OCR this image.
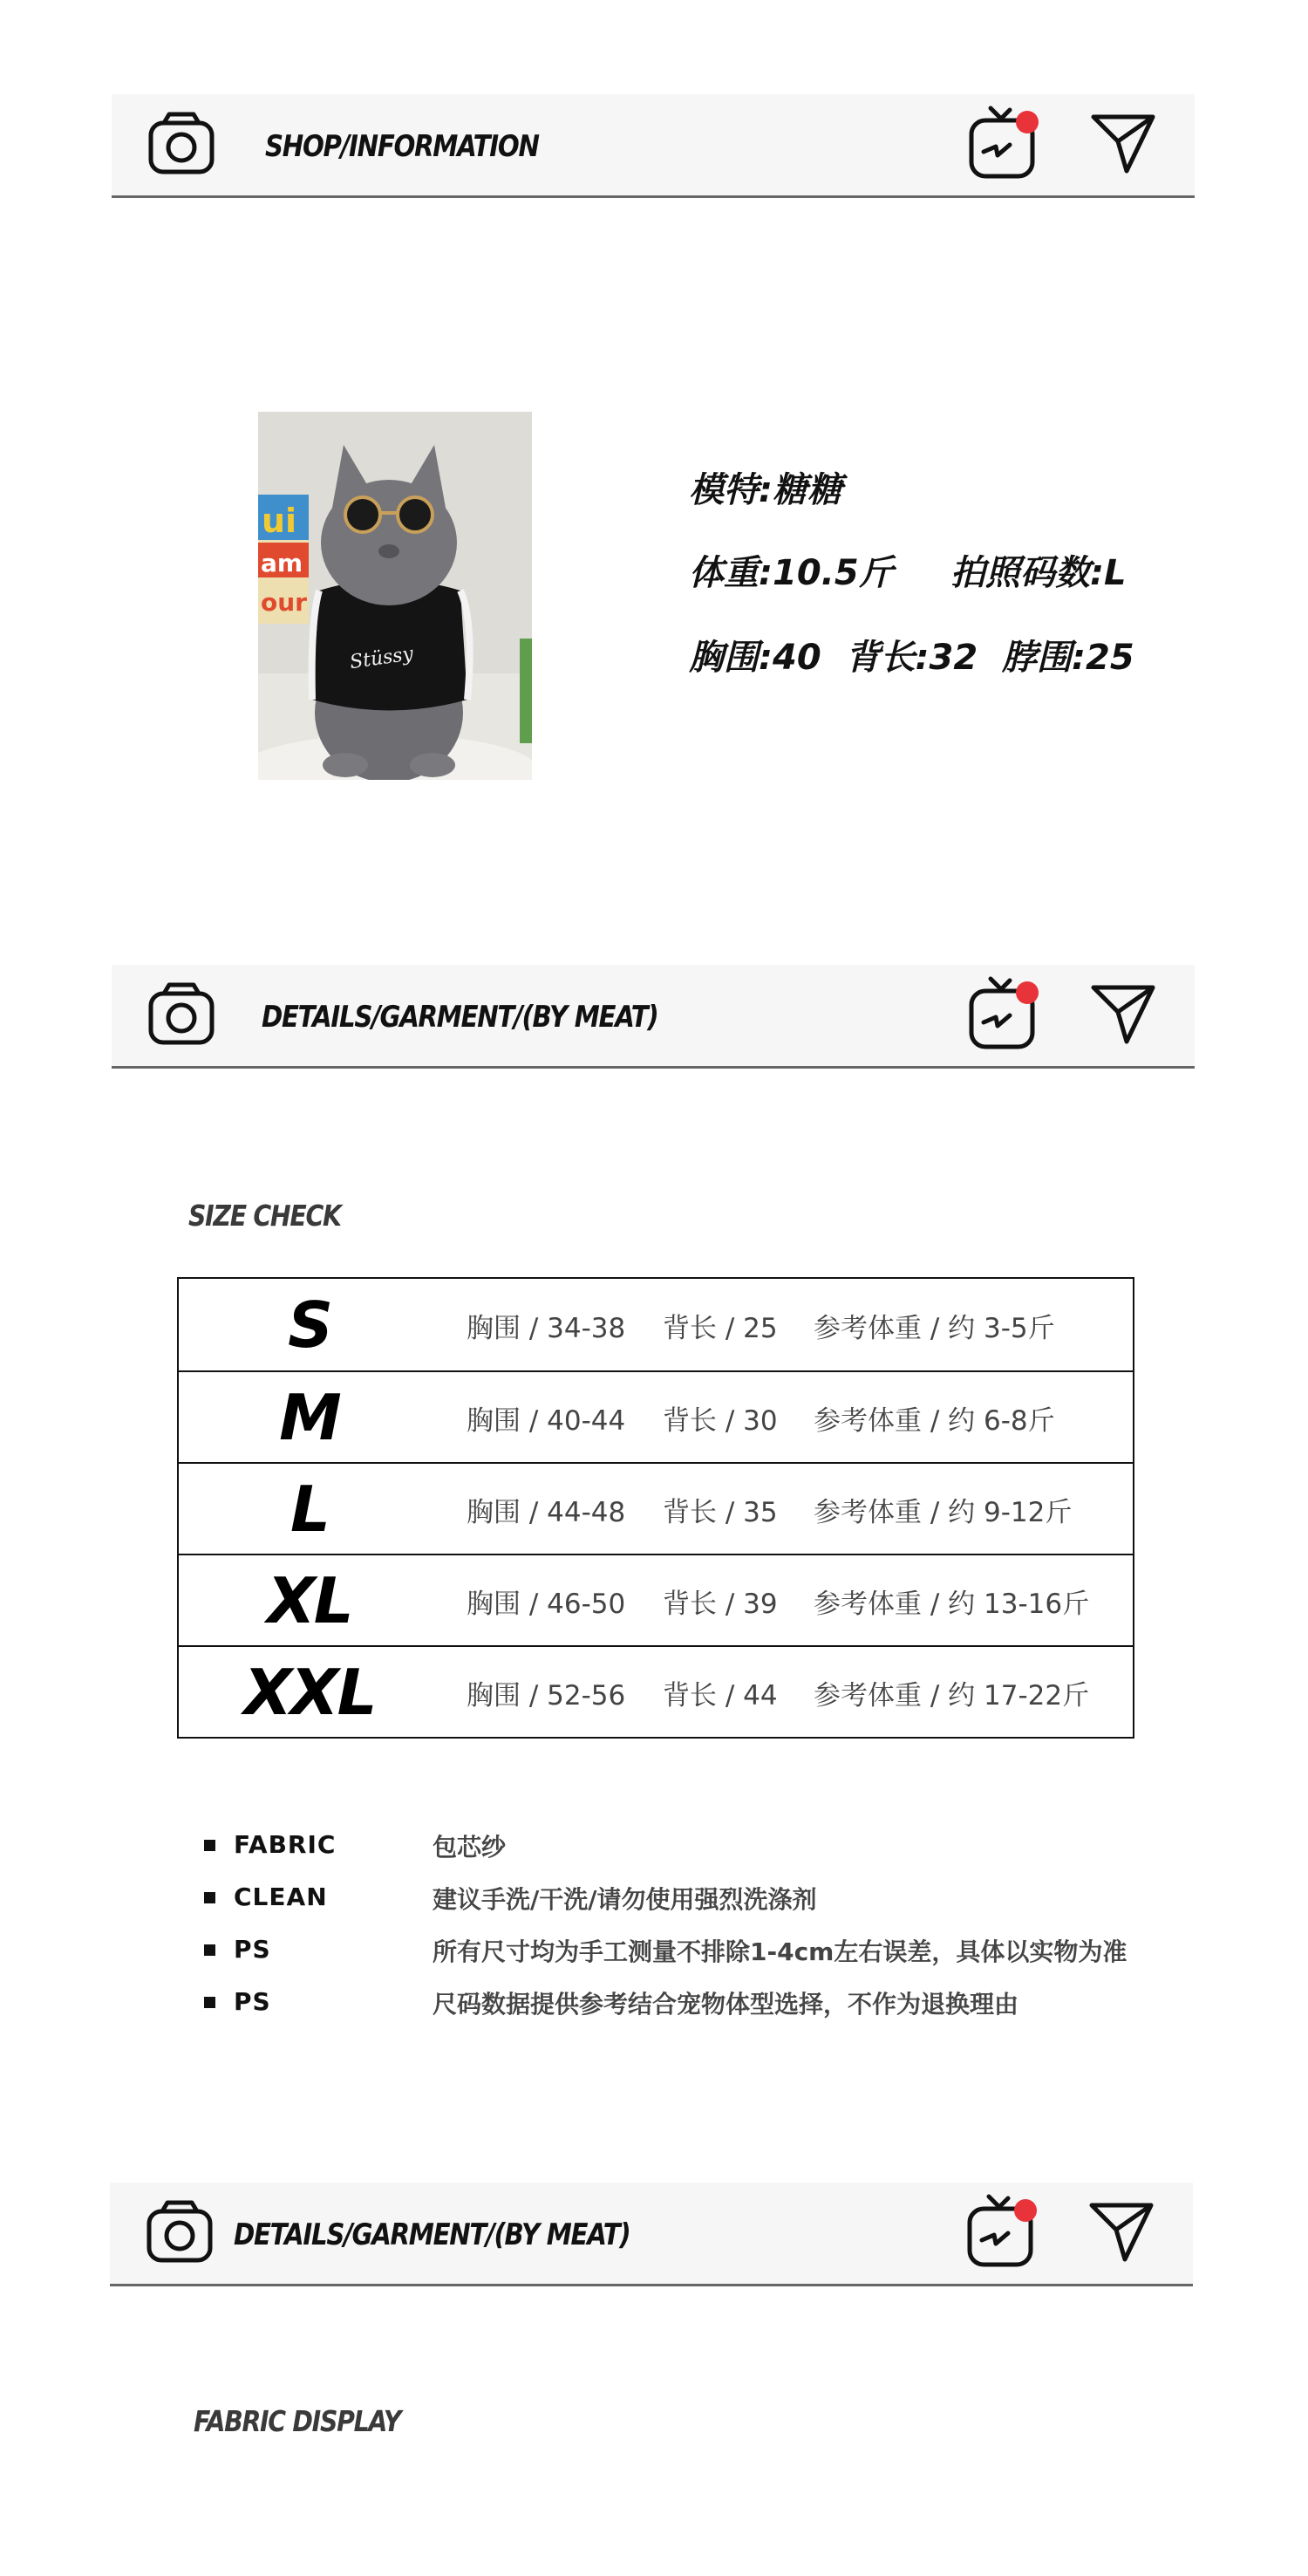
SHOP/INFORMATION
ui
am
our
Stüssy
模特:糖糖
体重:10.5斤 拍照码数:L
胸围:40  背长:32  脖围:25
DETAILS/GARMENT/(BY MEAT)
SIZE CHECK
S	胸围 / 34-38 背长 / 25 参考体重 / 约 3-5斤
M	胸围 / 40-44 背长 / 30 参考体重 / 约 6-8斤
L	胸围 / 44-48 背长 / 35 参考体重 / 约 9-12斤
XL	胸围 / 46-50 背长 / 39 参考体重 / 约 13-16斤
XXL	胸围 / 52-56 背长 / 44 参考体重 / 约 17-22斤
FABRIC	包芯纱
CLEAN	建议手洗/干洗/请勿使用强烈洗涤剂
PS	所有尺寸均为手工测量不排除1-4cm左右误差，具体以实物为准
PS	尺码数据提供参考结合宠物体型选择，不作为退换理由
DETAILS/GARMENT/(BY MEAT)
FABRIC DISPLAY
